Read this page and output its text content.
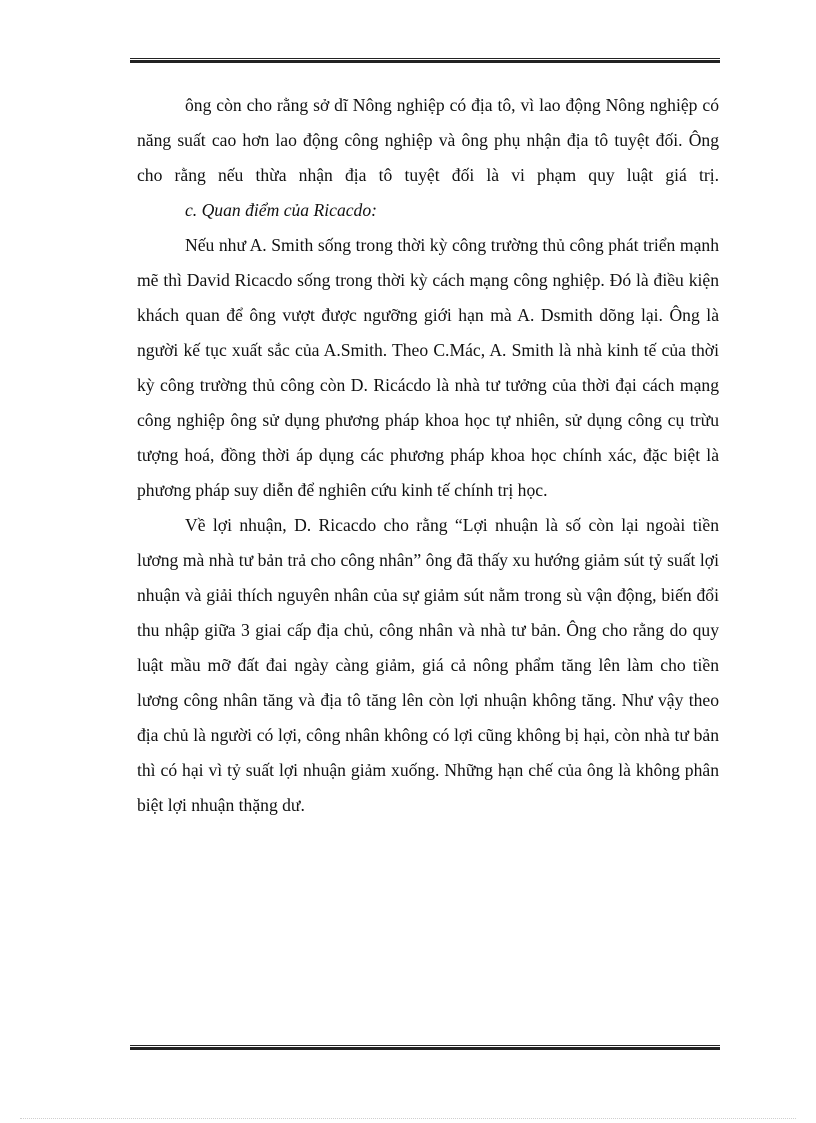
ông còn cho rằng sở dĩ Nông nghiệp có địa tô, vì lao động Nông nghiệp có năng suất cao hơn lao động công nghiệp và ông phụ nhận địa tô tuyệt đối. Ông cho rằng nếu thừa nhận địa tô tuyệt đối là vi phạm quy luật giá trị.

c. Quan điểm của Ricacdo:

Nếu như A. Smith sống trong thời kỳ công trường thủ công phát triển mạnh mẽ thì David Ricacdo sống trong thời kỳ cách mạng công nghiệp. Đó là điều kiện khách quan để ông vượt được ngưỡng giới hạn mà A. Dsmith dõng lại. Ông là người kế tục xuất sắc của A.Smith. Theo C.Mác, A. Smith là nhà kinh tế của thời kỳ công trường thủ công còn D. Ricácdo là nhà tư tưởng của thời đại cách mạng công nghiệp ông sử dụng phương pháp khoa học tự nhiên, sử dụng công cụ trừu tượng hoá, đồng thời áp dụng các phương pháp khoa học chính xác, đặc biệt là phương pháp suy diễn để nghiên cứu kinh tế chính trị học.

Về lợi nhuận, D. Ricacdo cho rằng “Lợi nhuận là số còn lại ngoài tiền lương mà nhà tư bản trả cho công nhân” ông đã thấy xu hướng giảm sút tỷ suất lợi nhuận và giải thích nguyên nhân của sự giảm sút nằm trong sù vận động, biến đổi thu nhập giữa 3 giai cấp địa chủ, công nhân và nhà tư bản. Ông cho rằng do quy luật mầu mỡ đất đai ngày càng giảm, giá cả nông phẩm tăng lên làm cho tiền lương công nhân tăng và địa tô tăng lên còn lợi nhuận không tăng. Như vậy theo địa chủ là người có lợi, công nhân không có lợi cũng không bị hại, còn nhà tư bản thì có hại vì tỷ suất lợi nhuận giảm xuống. Những hạn chế của ông là không phân biệt lợi nhuận thặng dư.
